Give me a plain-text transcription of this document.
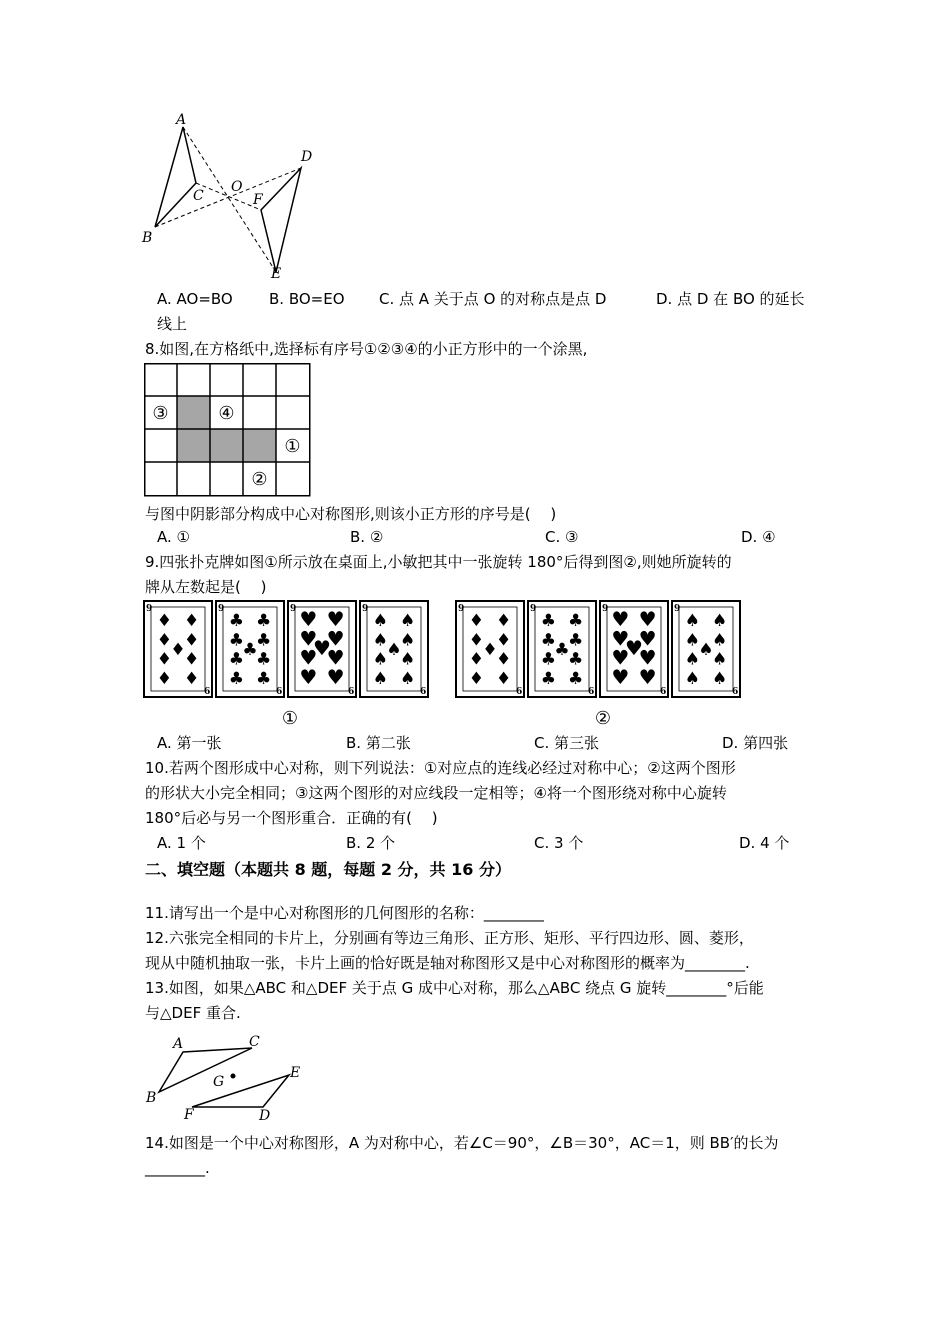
A
B
C
O
F
D
E
A. AO=BO B. BO=EO C. 点 A 关于点 O 的对称点是点 D	D. 点 D 在 BO 的延长
线上
8.如图,在方格纸中,选择标有序号①②③④的小正方形中的一个涂黑,
③	④
①
②
与图中阴影部分构成中心对称图形,则该小正方形的序号是(　 )
A. ①	B. ②	C. ③	D. ④
9.四张扑克牌如图①所示放在桌面上,小敏把其中一张旋转 180°后得到图②,则她所旋转的
牌从左数起是(　 )
9
6
♦ ♦
♦ ♦
♦
♦ ♦
♦ ♦
9
6
♣ ♣
♣ ♣
♣
♣ ♣
♣ ♣
9
6
♥ ♥
♥ ♥
♥
♥ ♥
♥ ♥
9
6
♠ ♠
♠ ♠
♠
♠ ♠
♠ ♠
9
6
♦ ♦
♦ ♦
♦
♦ ♦
♦ ♦
9
6
♣ ♣
♣ ♣
♣
♣ ♣
♣ ♣
9
6
♥ ♥
♥ ♥
♥
♥ ♥
♥ ♥
9
6
♠ ♠
♠ ♠
♠
♠ ♠
♠ ♠
①	②
A. 第一张	B. 第二张	C. 第三张	D. 第四张
10.若两个图形成中心对称，则下列说法：①对应点的连线必经过对称中心；②这两个图形
的形状大小完全相同；③这两个图形的对应线段一定相等；④将一个图形绕对称中心旋转
180°后必与另一个图形重合．正确的有(　 )
A. 1 个	B. 2 个	C. 3 个	D. 4 个
二、填空题（本题共 8 题，每题 2 分，共 16 分）
11.请写出一个是中心对称图形的几何图形的名称：________
12.六张完全相同的卡片上，分别画有等边三角形、正方形、矩形、平行四边形、圆、菱形，
现从中随机抽取一张，卡片上画的恰好既是轴对称图形又是中心对称图形的概率为________.
13.如图，如果△ABC 和△DEF 关于点 G 成中心对称，那么△ABC 绕点 G 旋转________°后能
与△DEF 重合.
A	C
B
G
E
F	D
14.如图是一个中心对称图形，A 为对称中心，若∠C＝90°，∠B＝30°，AC＝1，则 BB′的长为
________.
